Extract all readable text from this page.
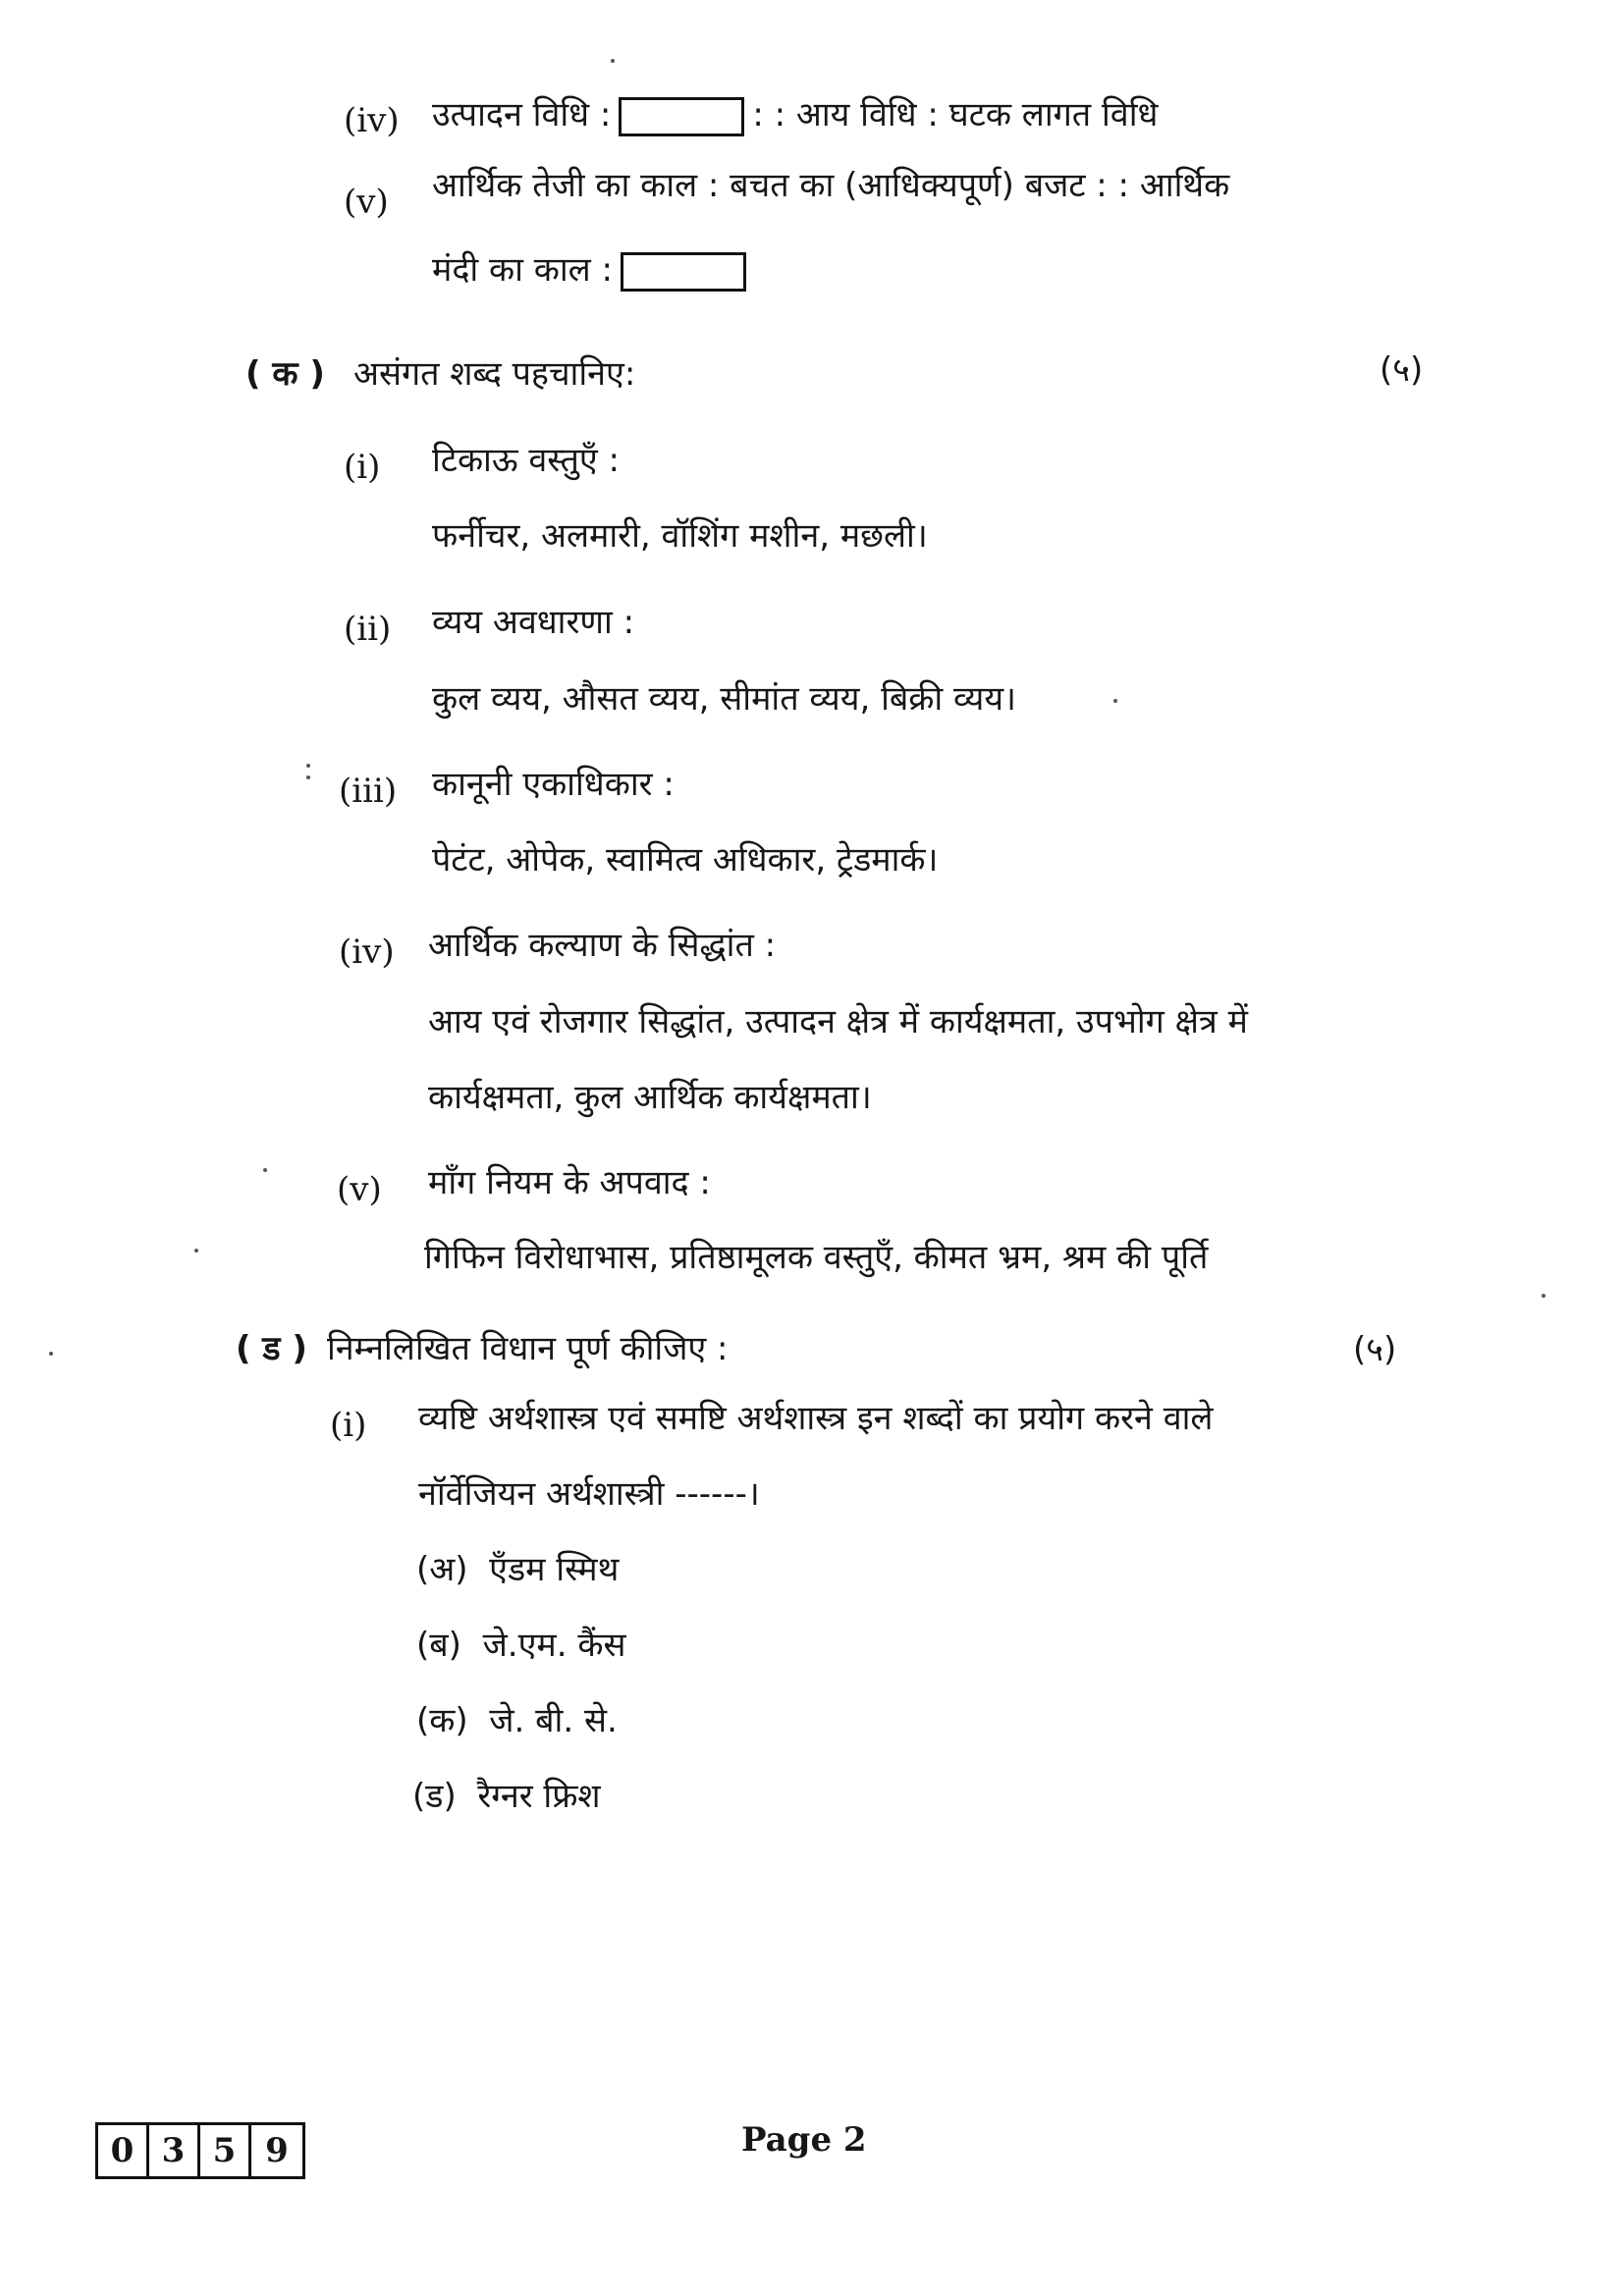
(iv) उत्पादन विधि :	: : आय विधि : घटक लागत विधि
(v) आर्थिक तेजी का काल : बचत का (आधिक्यपूर्ण) बजट : : आर्थिक
मंदी का काल :
( क ) असंगत शब्द पहचानिए:	(५)
(i) टिकाऊ वस्तुएँ :
फर्नीचर, अलमारी, वॉशिंग मशीन, मछली।
(ii) व्यय अवधारणा :
कुल व्यय, औसत व्यय, सीमांत व्यय, बिक्री व्यय।
(iii) कानूनी एकाधिकार :
पेटंट, ओपेक, स्वामित्व अधिकार, ट्रेडमार्क।
(iv) आर्थिक कल्याण के सिद्धांत :
आय एवं रोजगार सिद्धांत, उत्पादन क्षेत्र में कार्यक्षमता, उपभोग क्षेत्र में
कार्यक्षमता, कुल आर्थिक कार्यक्षमता।
(v) माँग नियम के अपवाद :
गिफिन विरोधाभास, प्रतिष्ठामूलक वस्तुएँ, कीमत भ्रम, श्रम की पूर्ति
( ड ) निम्नलिखित विधान पूर्ण कीजिए :	(५)
(i) व्यष्टि अर्थशास्त्र एवं समष्टि अर्थशास्त्र इन शब्दों का प्रयोग करने वाले
नॉर्वेजियन अर्थशास्त्री ------।
(अ) एँडम स्मिथ
(ब) जे.एम. कैंस
(क) जे. बी. से.
(ड) रैग्नर फ्रिश
0 3 5 9	Page 2
